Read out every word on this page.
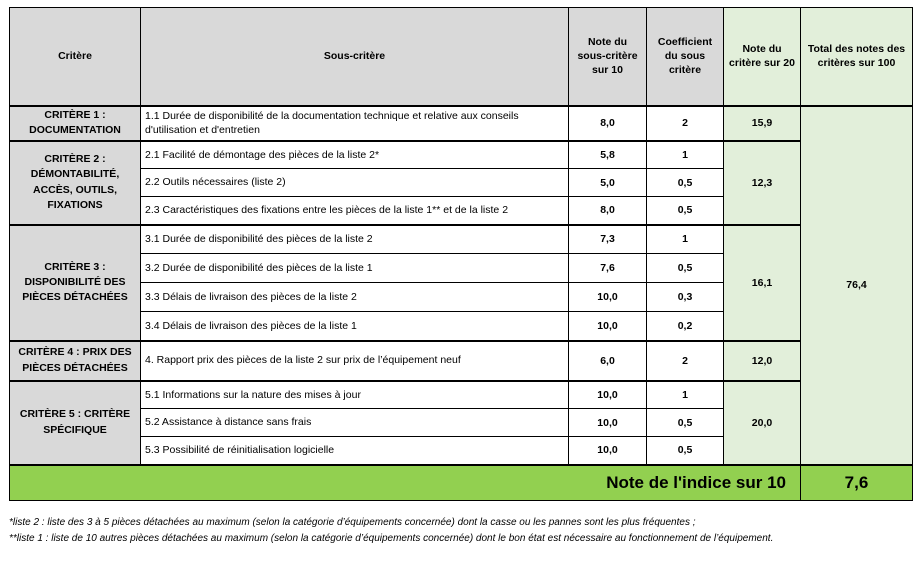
Critère	Sous-critère	Note du sous-critère sur 10	Coefficient du sous critère	Note du critère sur 20	Total des notes des critères sur 100
CRITÈRE 1 : DOCUMENTATION	1.1 Durée de disponibilité de la documentation technique et relative aux conseils d'utilisation et d'entretien	8,0	2	15,9	76,4
CRITÈRE 2 : DÉMONTABILITÉ, ACCÈS, OUTILS, FIXATIONS	2.1 Facilité de démontage des pièces de la liste 2*	5,8	1	12,3	
	2.2 Outils nécessaires (liste 2)	5,0	0,5		
	2.3 Caractéristiques des fixations entre les pièces de la liste 1** et de la liste 2	8,0	0,5		
CRITÈRE 3 : DISPONIBILITÉ DES PIÈCES DÉTACHÉES	3.1 Durée de disponibilité des pièces de la liste 2	7,3	1	16,1	
	3.2 Durée de disponibilité des pièces de la liste 1	7,6	0,5		
	3.3 Délais de livraison des pièces de la liste 2	10,0	0,3		
	3.4 Délais de livraison des pièces de la liste 1	10,0	0,2		
CRITÈRE 4 : PRIX DES PIÈCES DÉTACHÉES	4. Rapport prix des pièces de la liste 2 sur prix de l’équipement neuf	6,0	2	12,0	
CRITÈRE 5 : CRITÈRE SPÉCIFIQUE	5.1 Informations sur la nature des mises à jour	10,0	1	20,0	
	5.2 Assistance à distance sans frais	10,0	0,5		
	5.3 Possibilité de réinitialisation logicielle	10,0	0,5		
Note de l'indice sur 10					7,6
*liste 2 : liste des 3 à 5 pièces détachées au maximum (selon la catégorie d’équipements concernée) dont la casse ou les pannes sont les plus fréquentes ;
**liste 1 : liste de 10 autres pièces détachées au maximum (selon la catégorie d’équipements concernée) dont le bon état est nécessaire au fonctionnement de l’équipement.
